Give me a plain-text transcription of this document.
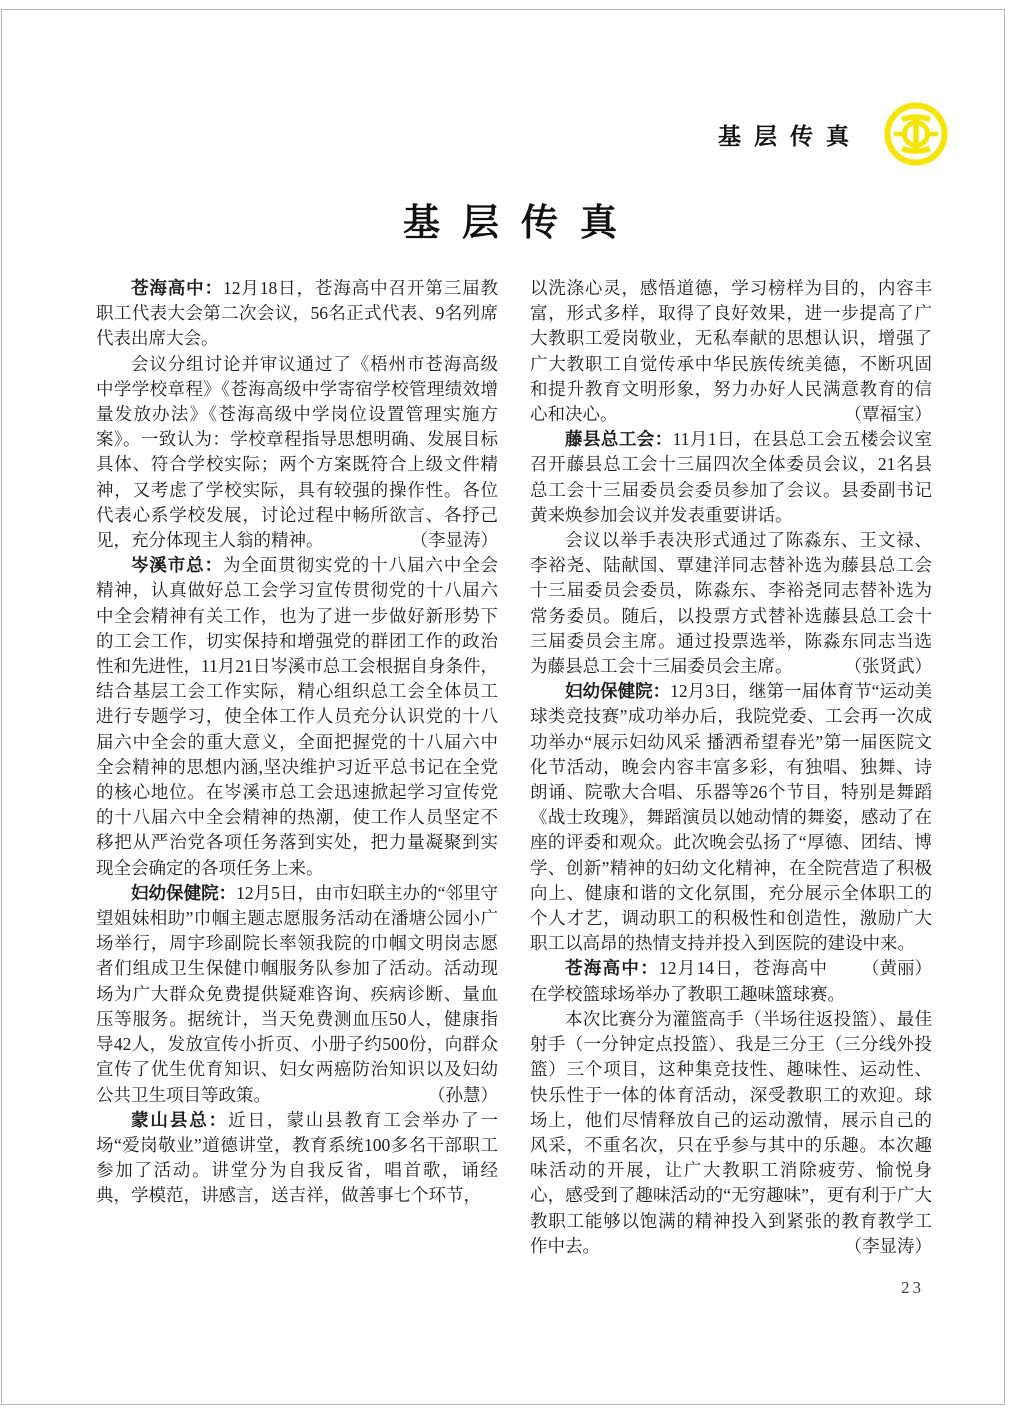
基层传真
基层传真

苍海高中：12月18日，苍海高中召开第三届教职工代表大会第二次会议，56名正式代表、9名列席代表出席大会。

会议分组讨论并审议通过了《梧州市苍海高级中学学校章程》《苍海高级中学寄宿学校管理绩效增量发放办法》《苍海高级中学岗位设置管理实施方案》。一致认为：学校章程指导思想明确、发展目标具体、符合学校实际；两个方案既符合上级文件精神，又考虑了学校实际，具有较强的操作性。各位代表心系学校发展，讨论过程中畅所欲言、各抒己见，充分体现主人翁的精神。	（李显涛）

岑溪市总：为全面贯彻实党的十八届六中全会精神，认真做好总工会学习宣传贯彻党的十八届六中全会精神有关工作，也为了进一步做好新形势下的工会工作，切实保持和增强党的群团工作的政治性和先进性，11月21日岑溪市总工会根据自身条件，结合基层工会工作实际，精心组织总工会全体员工进行专题学习，使全体工作人员充分认识党的十八届六中全会的重大意义，全面把握党的十八届六中全会精神的思想内涵,坚决维护习近平总书记在全党的核心地位。在岑溪市总工会迅速掀起学习宣传党的十八届六中全会精神的热潮，使工作人员坚定不移把从严治党各项任务落到实处，把力量凝聚到实现全会确定的各项任务上来。

妇幼保健院：12月5日，由市妇联主办的“邻里守望姐妹相助”巾帼主题志愿服务活动在潘塘公园小广场举行，周宇珍副院长率领我院的巾帼文明岗志愿者们组成卫生保健巾帼服务队参加了活动。活动现场为广大群众免费提供疑难咨询、疾病诊断、量血压等服务。据统计，当天免费测血压50人，健康指导42人，发放宣传小折页、小册子约500份，向群众宣传了优生优育知识、妇女两癌防治知识以及妇幼公共卫生项目等政策。	（孙慧）

蒙山县总：近日，蒙山县教育工会举办了一场“爱岗敬业”道德讲堂，教育系统100多名干部职工参加了活动。讲堂分为自我反省，唱首歌，诵经典，学模范，讲感言，送吉祥，做善事七个环节，

以洗涤心灵，感悟道德，学习榜样为目的，内容丰富，形式多样，取得了良好效果，进一步提高了广大教职工爱岗敬业，无私奉献的思想认识，增强了广大教职工自觉传承中华民族传统美德，不断巩固和提升教育文明形象，努力办好人民满意教育的信心和决心。	（覃福宝）

藤县总工会：11月1日，在县总工会五楼会议室召开藤县总工会十三届四次全体委员会议，21名县总工会十三届委员会委员参加了会议。县委副书记黄来焕参加会议并发表重要讲话。

会议以举手表决形式通过了陈淼东、王文禄、李裕尧、陆献国、覃建洋同志替补选为藤县总工会十三届委员会委员，陈淼东、李裕尧同志替补选为常务委员。随后，以投票方式替补选藤县总工会十三届委员会主席。通过投票选举，陈淼东同志当选为藤县总工会十三届委员会主席。	（张贤武）

妇幼保健院：12月3日，继第一届体育节“运动美球类竞技赛”成功举办后，我院党委、工会再一次成功举办“展示妇幼风采 播洒希望春光”第一届医院文化节活动，晚会内容丰富多彩，有独唱、独舞、诗朗诵、院歌大合唱、乐器等26个节目，特别是舞蹈《战士玫瑰》，舞蹈演员以她动情的舞姿，感动了在座的评委和观众。此次晚会弘扬了“厚德、团结、博学、创新”精神的妇幼文化精神，在全院营造了积极向上、健康和谐的文化氛围，充分展示全体职工的个人才艺，调动职工的积极性和创造性，激励广大职工以高昂的热情支持并投入到医院的建设中来。
（黄丽）

苍海高中：12月14日，苍海高中在学校篮球场举办了教职工趣味篮球赛。

本次比赛分为灌篮高手（半场往返投篮）、最佳射手（一分钟定点投篮）、我是三分王（三分线外投篮）三个项目，这种集竞技性、趣味性、运动性、快乐性于一体的体育活动，深受教职工的欢迎。球场上，他们尽情释放自己的运动激情，展示自己的风采，不重名次，只在乎参与其中的乐趣。本次趣味活动的开展，让广大教职工消除疲劳、愉悦身心，感受到了趣味活动的“无穷趣味”，更有利于广大教职工能够以饱满的精神投入到紧张的教育教学工作中去。	（李显涛）

23
